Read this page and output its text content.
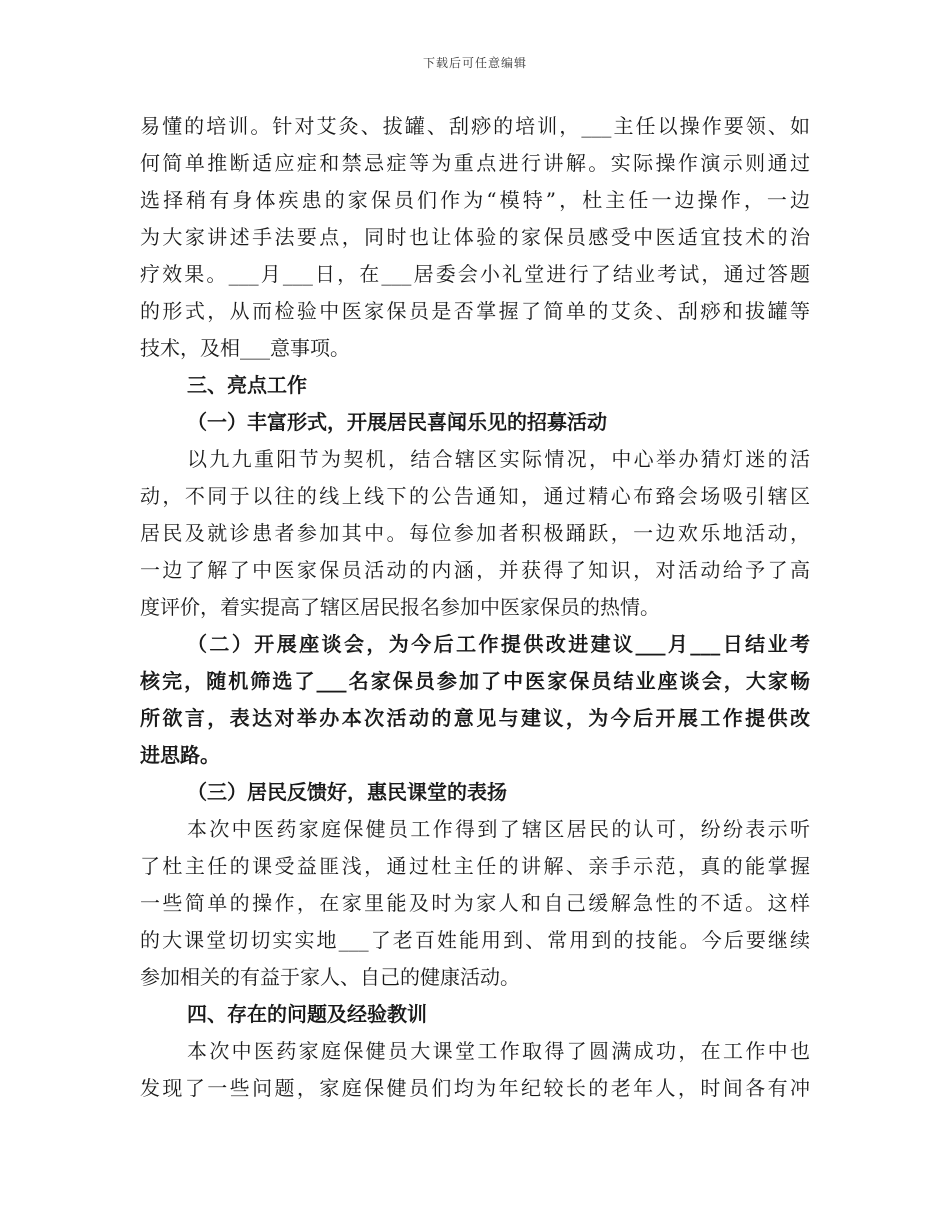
下载后可任意编辑
易懂的培训。针对艾灸、拔罐、刮痧的培训，___主任以操作要领、如
何简单推断适应症和禁忌症等为重点进行讲解。实际操作演示则通过
选择稍有身体疾患的家保员们作为“模特”，杜主任一边操作，一边
为大家讲述手法要点，同时也让体验的家保员感受中医适宜技术的治
疗效果。___月___日，在___居委会小礼堂进行了结业考试，通过答题
的形式，从而检验中医家保员是否掌握了简单的艾灸、刮痧和拔罐等
技术，及相___意事项。
三、亮点工作
（一）丰富形式，开展居民喜闻乐见的招募活动
以九九重阳节为契机，结合辖区实际情况，中心举办猜灯迷的活
动，不同于以往的线上线下的公告通知，通过精心布臵会场吸引辖区
居民及就诊患者参加其中。每位参加者积极踊跃，一边欢乐地活动，
一边了解了中医家保员活动的内涵，并获得了知识，对活动给予了高
度评价，着实提高了辖区居民报名参加中医家保员的热情。
（二）开展座谈会，为今后工作提供改进建议___月___日结业考
核完，随机筛选了___名家保员参加了中医家保员结业座谈会，大家畅
所欲言，表达对举办本次活动的意见与建议，为今后开展工作提供改
进思路。
（三）居民反馈好，惠民课堂的表扬
本次中医药家庭保健员工作得到了辖区居民的认可，纷纷表示听
了杜主任的课受益匪浅，通过杜主任的讲解、亲手示范，真的能掌握
一些简单的操作，在家里能及时为家人和自己缓解急性的不适。这样
的大课堂切切实实地___了老百姓能用到、常用到的技能。今后要继续
参加相关的有益于家人、自己的健康活动。
四、存在的问题及经验教训
本次中医药家庭保健员大课堂工作取得了圆满成功，在工作中也
发现了一些问题，家庭保健员们均为年纪较长的老年人，时间各有冲
